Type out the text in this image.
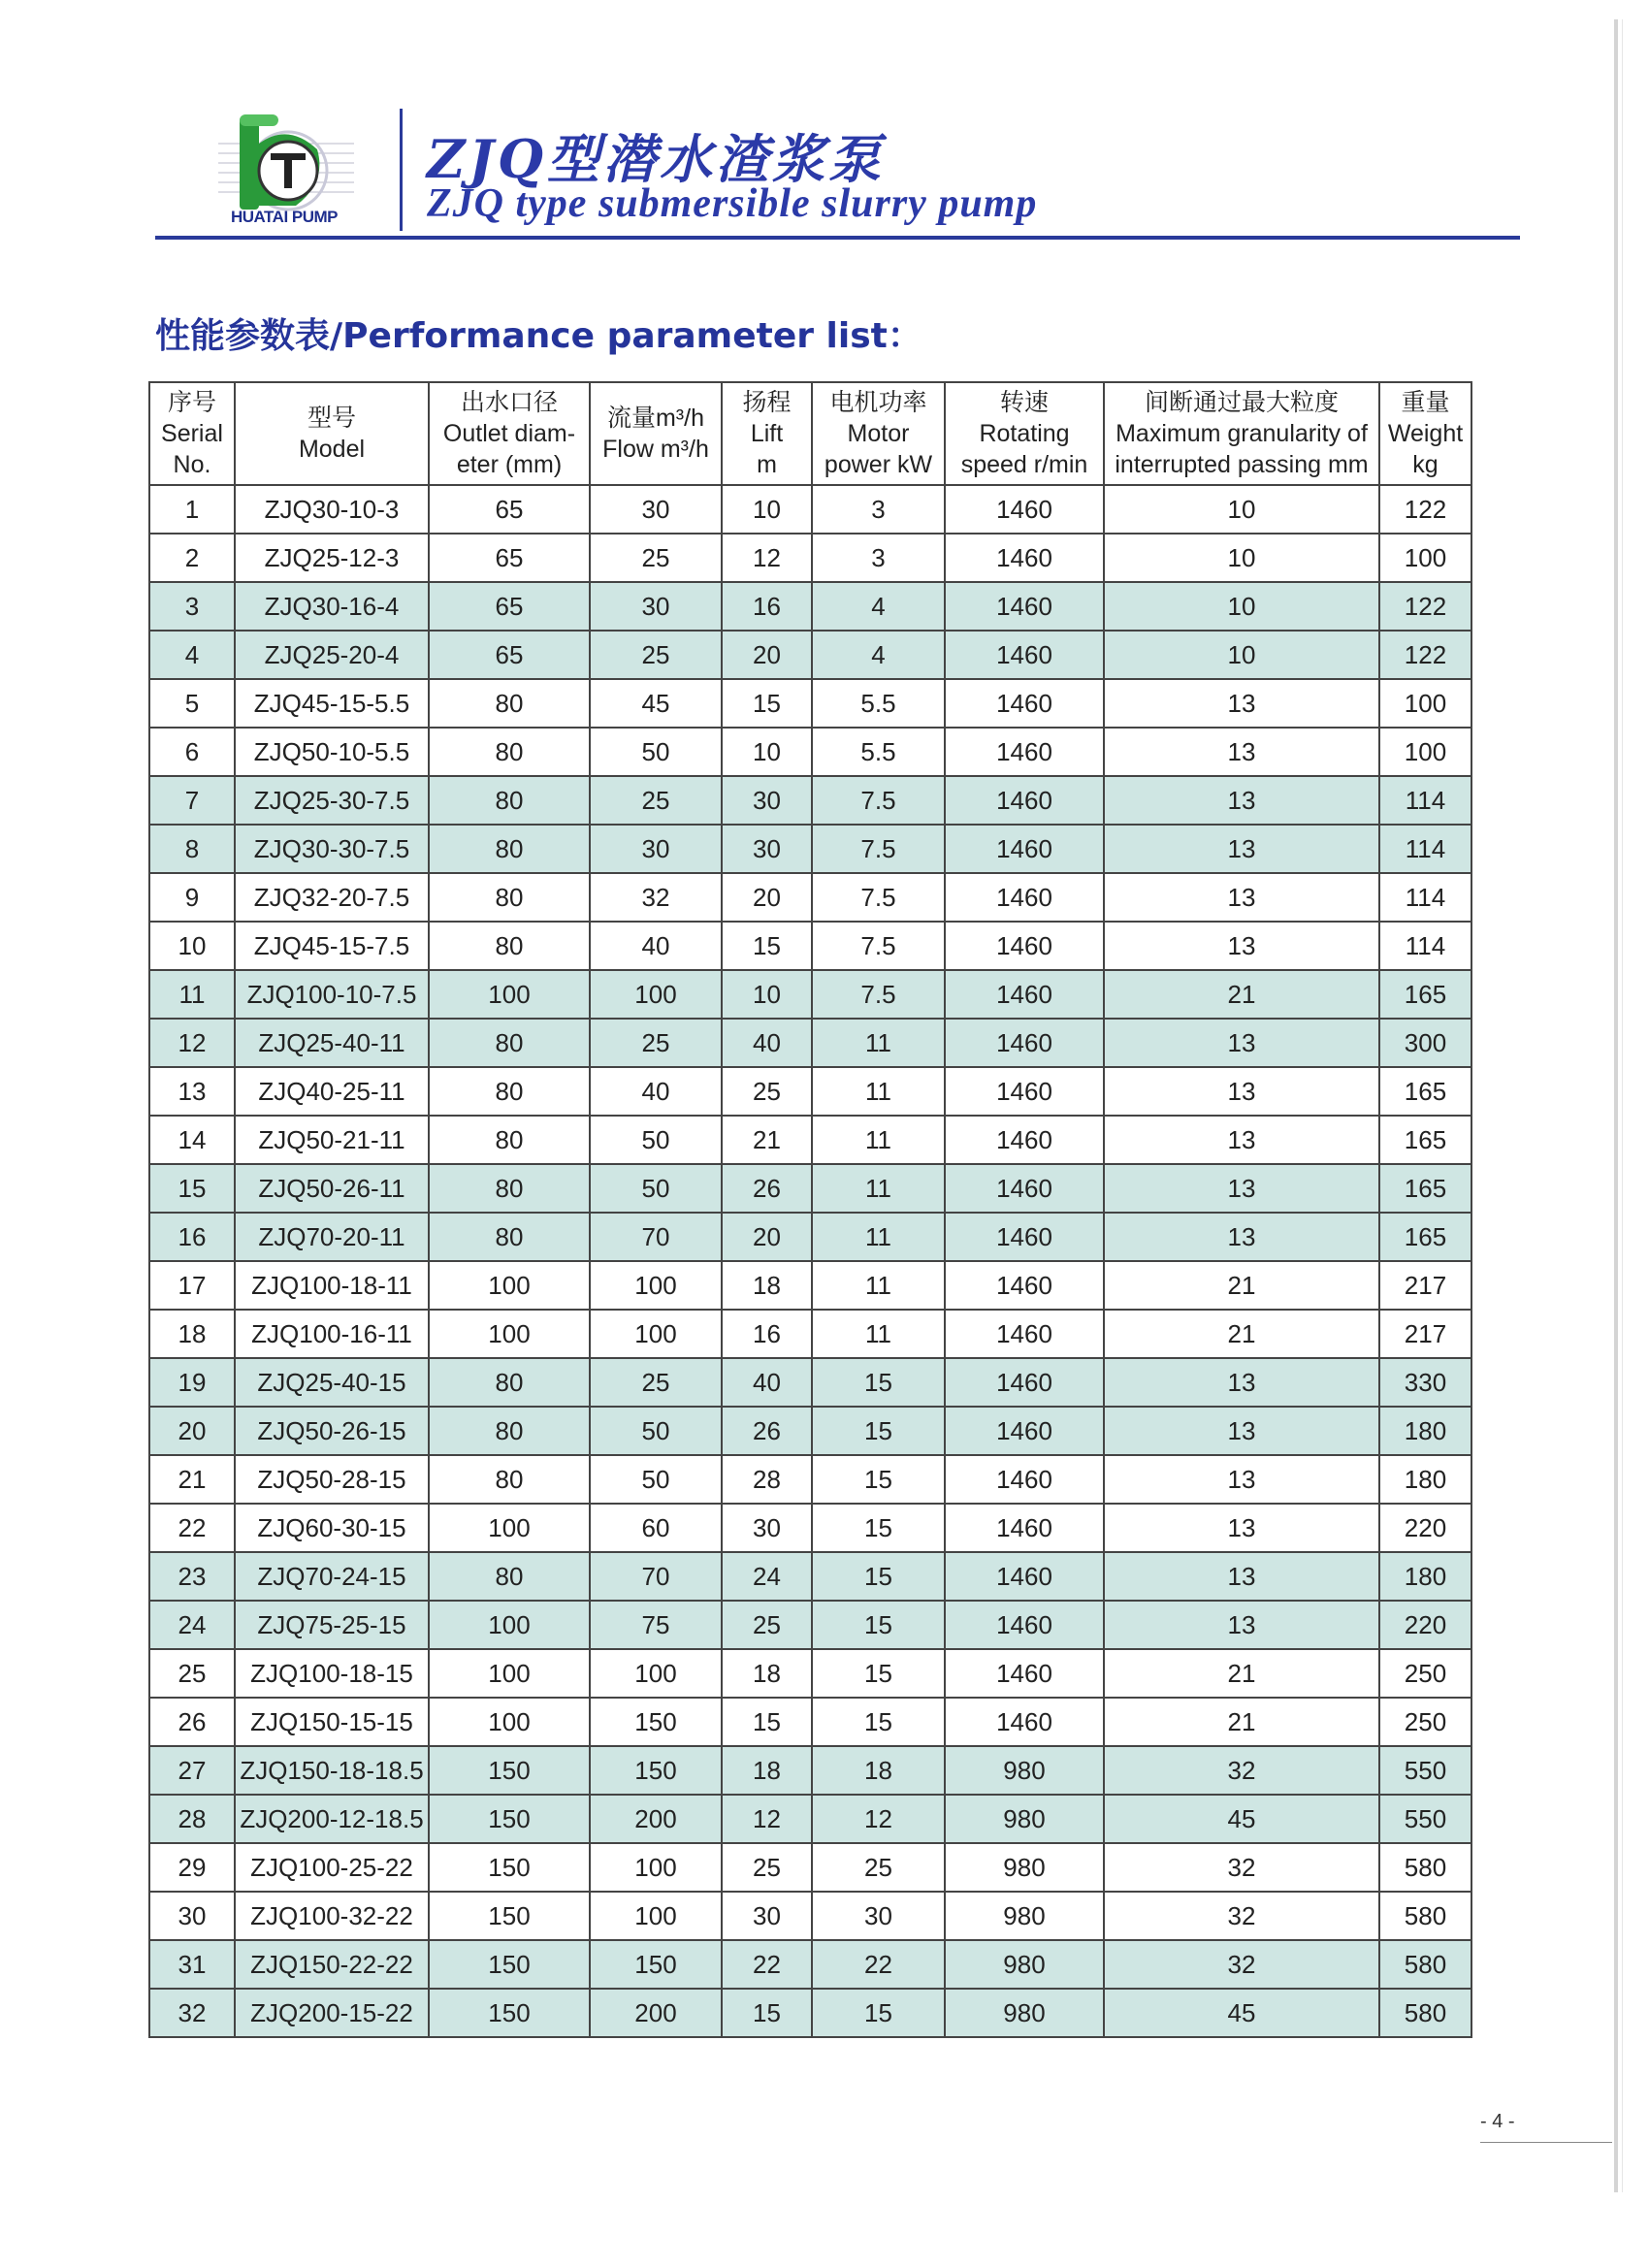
HUATAI PUMP
ZJQ型潜水渣浆泵
ZJQ type submersible slurry pump
性能参数表/Performance parameter list：
序号
Serial
No.	型号
Model	出水口径
Outlet diam-
eter (mm)	流量m³/h
Flow m³/h	扬程
Lift
m	电机功率
Motor
power kW	转速
Rotating
speed r/min	间断通过最大粒度
Maximum granularity of
interrupted passing mm	重量
Weight
kg

1	ZJQ30-10-3	65	30	10	3	1460	10	122
2	ZJQ25-12-3	65	25	12	3	1460	10	100
3	ZJQ30-16-4	65	30	16	4	1460	10	122
4	ZJQ25-20-4	65	25	20	4	1460	10	122
5	ZJQ45-15-5.5	80	45	15	5.5	1460	13	100
6	ZJQ50-10-5.5	80	50	10	5.5	1460	13	100
7	ZJQ25-30-7.5	80	25	30	7.5	1460	13	114
8	ZJQ30-30-7.5	80	30	30	7.5	1460	13	114
9	ZJQ32-20-7.5	80	32	20	7.5	1460	13	114
10	ZJQ45-15-7.5	80	40	15	7.5	1460	13	114
11	ZJQ100-10-7.5	100	100	10	7.5	1460	21	165
12	ZJQ25-40-11	80	25	40	11	1460	13	300
13	ZJQ40-25-11	80	40	25	11	1460	13	165
14	ZJQ50-21-11	80	50	21	11	1460	13	165
15	ZJQ50-26-11	80	50	26	11	1460	13	165
16	ZJQ70-20-11	80	70	20	11	1460	13	165
17	ZJQ100-18-11	100	100	18	11	1460	21	217
18	ZJQ100-16-11	100	100	16	11	1460	21	217
19	ZJQ25-40-15	80	25	40	15	1460	13	330
20	ZJQ50-26-15	80	50	26	15	1460	13	180
21	ZJQ50-28-15	80	50	28	15	1460	13	180
22	ZJQ60-30-15	100	60	30	15	1460	13	220
23	ZJQ70-24-15	80	70	24	15	1460	13	180
24	ZJQ75-25-15	100	75	25	15	1460	13	220
25	ZJQ100-18-15	100	100	18	15	1460	21	250
26	ZJQ150-15-15	100	150	15	15	1460	21	250
27	ZJQ150-18-18.5	150	150	18	18	980	32	550
28	ZJQ200-12-18.5	150	200	12	12	980	45	550
29	ZJQ100-25-22	150	100	25	25	980	32	580
30	ZJQ100-32-22	150	100	30	30	980	32	580
31	ZJQ150-22-22	150	150	22	22	980	32	580
32	ZJQ200-15-22	150	200	15	15	980	45	580
- 4 -
